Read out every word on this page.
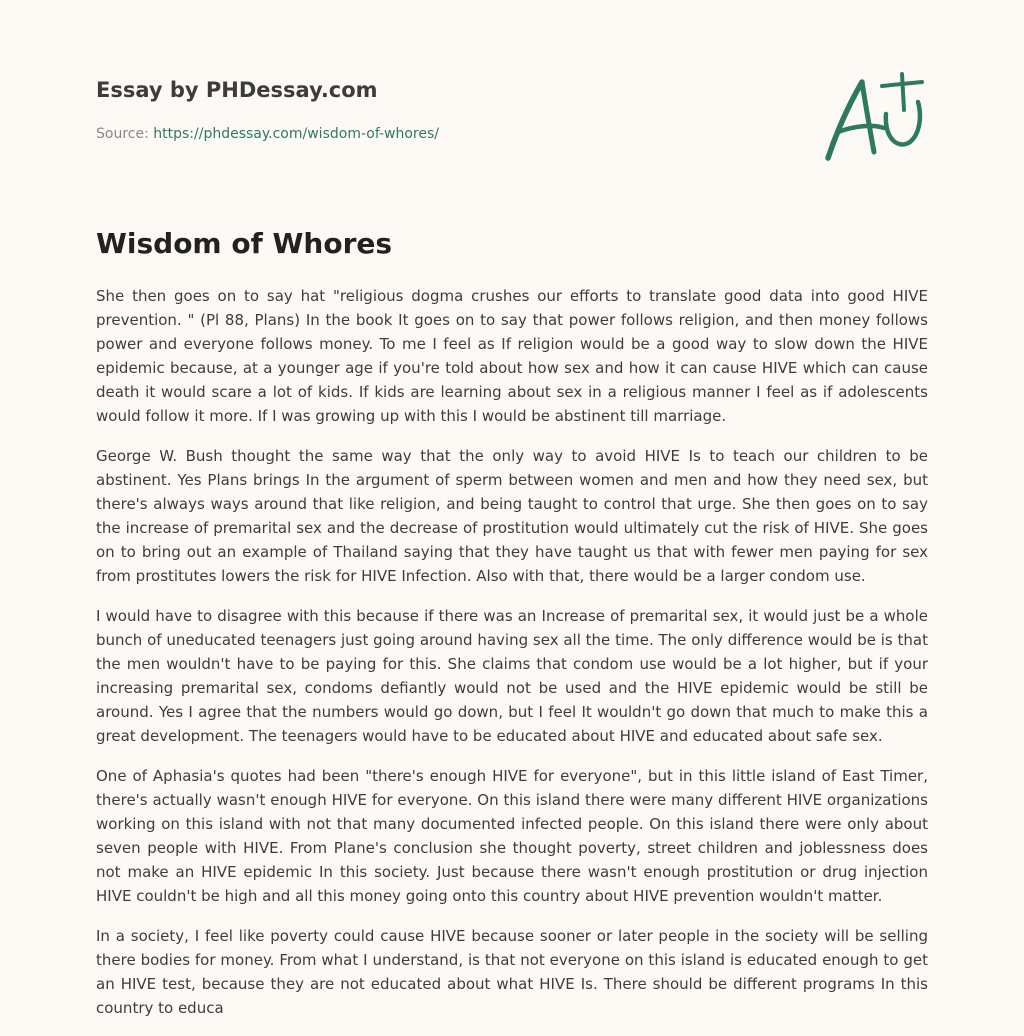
Essay by PHDessay.com
Source: https://phdessay.com/wisdom-of-whores/
Wisdom of Whores

She then goes on to say hat "religious dogma crushes our efforts to translate good data into good HIVE prevention. " (Pl 88, Plans) In the book It goes on to say that power follows religion, and then money follows power and everyone follows money. To me I feel as If religion would be a good way to slow down the HIVE epidemic because, at a younger age if you're told about how sex and how it can cause HIVE which can cause death it would scare a lot of kids. If kids are learning about sex in a religious manner I feel as if adolescents would follow it more. If I was growing up with this I would be abstinent till marriage.

George W. Bush thought the same way that the only way to avoid HIVE Is to teach our children to be abstinent. Yes Plans brings In the argument of sperm between women and men and how they need sex, but there's always ways around that like religion, and being taught to control that urge. She then goes on to say the increase of premarital sex and the decrease of prostitution would ultimately cut the risk of HIVE. She goes on to bring out an example of Thailand saying that they have taught us that with fewer men paying for sex from prostitutes lowers the risk for HIVE Infection. Also with that, there would be a larger condom use.

I would have to disagree with this because if there was an Increase of premarital sex, it would just be a whole bunch of uneducated teenagers just going around having sex all the time. The only difference would be is that the men wouldn't have to be paying for this. She claims that condom use would be a lot higher, but if your increasing premarital sex, condoms defiantly would not be used and the HIVE epidemic would be still be around. Yes I agree that the numbers would go down, but I feel It wouldn't go down that much to make this a great development. The teenagers would have to be educated about HIVE and educated about safe sex.

One of Aphasia's quotes had been "there's enough HIVE for everyone", but in this little island of East Timer, there's actually wasn't enough HIVE for everyone. On this island there were many different HIVE organizations working on this island with not that many documented infected people. On this island there were only about seven people with HIVE. From Plane's conclusion she thought poverty, street children and joblessness does not make an HIVE epidemic In this society. Just because there wasn't enough prostitution or drug injection HIVE couldn't be high and all this money going onto this country about HIVE prevention wouldn't matter.

In a society, I feel like poverty could cause HIVE because sooner or later people in the society will be selling there bodies for money. From what I understand, is that not everyone on this island is educated enough to get an HIVE test, because they are not educated about what HIVE Is. There should be different programs In this country to educa
